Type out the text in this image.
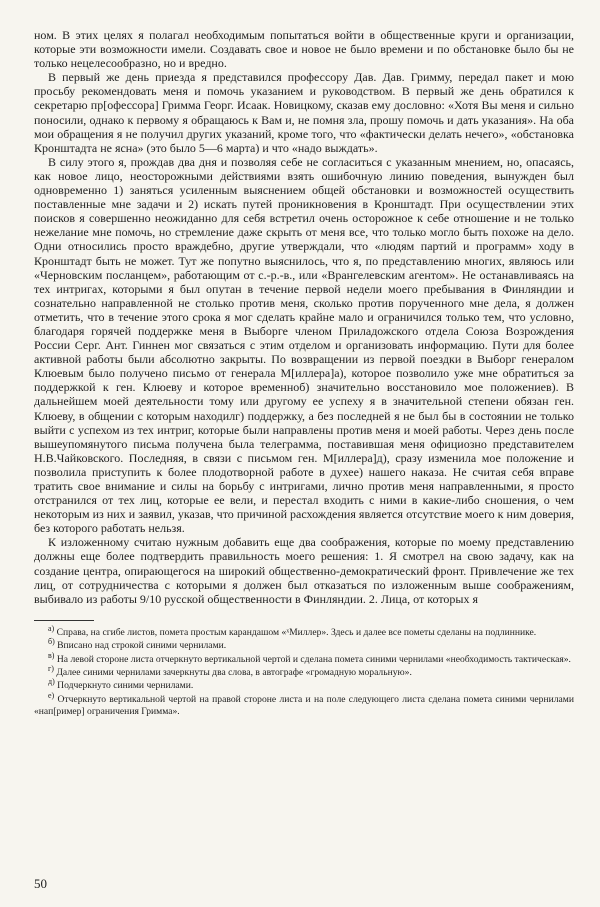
ном. В этих целях я полагал необходимым попытаться войти в общественные круги и организации, которые эти возможности имели. Создавать свое и новое не было времени и по обстановке было бы не только нецелесообразно, но и вредно.

В первый же день приезда я представился профессору Дав. Дав. Гримму, передал пакет и мою просьбу рекомендовать меня и помочь указанием и руководством. В первый же день обратился к секретарю пр[офессора] Гримма Георг. Исаак. Новицкому, сказав ему дословно: «Хотя Вы меня и сильно поносили, однако к первому я обращаюсь к Вам и, не помня зла, прошу помочь и дать указания». На оба мои обращения я не получил других указаний, кроме того, что «фактически делать нечего», «обстановка Кронштадта не ясна» (это было 5—6 марта) и что «надо выждать».

В силу этого я, прождав два дня и позволяя себе не согласиться с указанным мнением, но, опасаясь, как новое лицо, неосторожными действиями взять ошибочную линию поведения, вынужден был одновременно 1) заняться усиленным выяснением общей обстановки и возможностей осуществить поставленные мне задачи и 2) искать путей проникновения в Кронштадт. При осуществлении этих поисков я совершенно неожиданно для себя встретил очень осторожное к себе отношение и не только нежелание мне помочь, но стремление даже скрыть от меня все, что только могло быть похоже на дело. Одни относились просто враждебно, другие утверждали, что «людям партий и программ» ходу в Кронштадт быть не может. Тут же попутно выяснилось, что я, по представлению многих, являюсь или «Черновским посланцем», работающим от с.-р.-в., или «Врангелевским агентом». Не останавливаясь на тех интригах, которыми я был опутан в течение первой недели моего пребывания в Финляндии и сознательно направленной не столько против меня, сколько против порученного мне дела, я должен отметить, что в течение этого срока я мог сделать крайне мало и ограничился только тем, что условно, благодаря горячей поддержке меня в Выборге членом Приладожского отдела Союза Возрождения России Серг. Ант. Гиннен мог связаться с этим отделом и организовать информацию. Пути для более активной работы были абсолютно закрыты. По возвращении из первой поездки в Выборг генералом Клюевым было получено письмо от генерала М[иллера]а), которое позволило уже мне обратиться за поддержкой к ген. Клюеву и которое временноб) значительно восстановило мое положениев). В дальнейшем моей деятельности тому или другому ее успеху я в значительной степени обязан ген. Клюеву, в общении с которым находилг) поддержку, а без последней я не был бы в состоянии не только выйти с успехом из тех интриг, которые были направлены против меня и моей работы. Через день после вышеупомянутого письма получена была телеграмма, поставившая меня официозно представителем Н.В.Чайковского. Последняя, в связи с письмом ген. М[иллера]д), сразу изменила мое положение и позволила приступить к более плодотворной работе в духее) нашего наказа. Не считая себя вправе тратить свое внимание и силы на борьбу с интригами, лично против меня направленными, я просто отстранился от тех лиц, которые ее вели, и перестал входить с ними в какие-либо сношения, о чем некоторым из них и заявил, указав, что причиной расхождения является отсутствие моего к ним доверия, без которого работать нельзя.

К изложенному считаю нужным добавить еще два соображения, которые по моему представлению должны еще более подтвердить правильность моего решения: 1. Я смотрел на свою задачу, как на создание центра, опирающегося на широкий общественно-демократический фронт. Привлечение же тех лиц, от сотрудничества с которыми я должен был отказаться по изложенным выше соображениям, выбивало из работы 9/10 русской общественности в Финляндии. 2. Лица, от которых я

$^{а)}$ Справа, на сгибе листов, помета простым карандашом «ˣМиллер». Здесь и далее все пометы сделаны на подлиннике.

$^{б)}$ Вписано над строкой синими чернилами.

$^{в)}$ На левой стороне листа отчеркнуто вертикальной чертой и сделана помета синими чернилами «необходимость тактическая».

$^{г)}$ Далее синими чернилами зачеркнуты два слова, в автографе «громадную моральную».

$^{д)}$ Подчеркнуто синими чернилами.

$^{е)}$ Отчеркнуто вертикальной чертой на правой стороне листа и на поле следующего листа сделана помета синими чернилами «нап[ример] ограничения Гримма».

50
